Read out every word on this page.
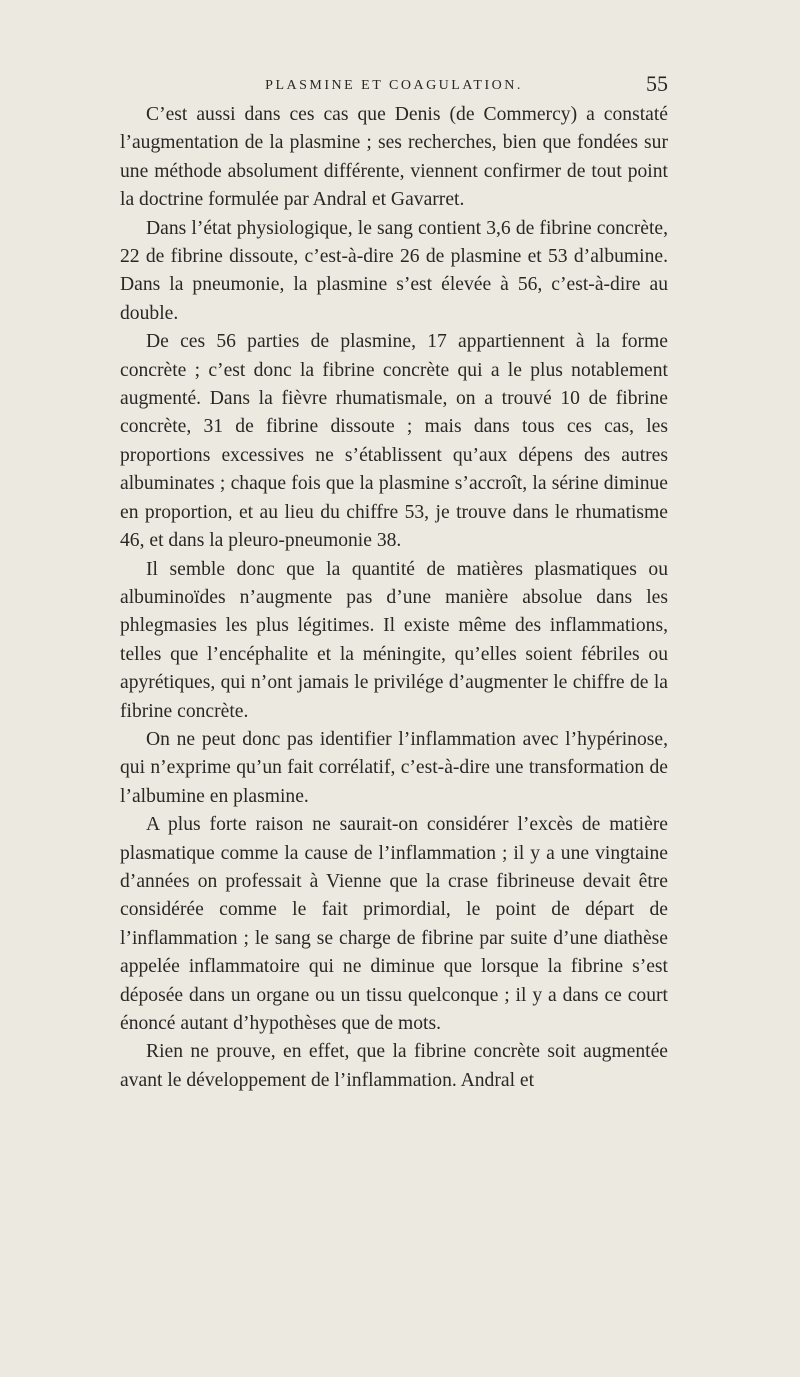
PLASMINE ET COAGULATION.	55

C’est aussi dans ces cas que Denis (de Commercy) a constaté l’augmentation de la plasmine ; ses recherches, bien que fondées sur une méthode absolument différente, viennent confirmer de tout point la doctrine formulée par Andral et Gavarret.

Dans l’état physiologique, le sang contient 3,6 de fibrine concrète, 22 de fibrine dissoute, c’est-à-dire 26 de plasmine et 53 d’albumine. Dans la pneumonie, la plasmine s’est élevée à 56, c’est-à-dire au double.

De ces 56 parties de plasmine, 17 appartiennent à la forme concrète ; c’est donc la fibrine concrète qui a le plus notablement augmenté. Dans la fièvre rhumatismale, on a trouvé 10 de fibrine concrète, 31 de fibrine dissoute ; mais dans tous ces cas, les proportions excessives ne s’établissent qu’aux dépens des autres albuminates ; chaque fois que la plasmine s’accroît, la sérine diminue en proportion, et au lieu du chiffre 53, je trouve dans le rhumatisme 46, et dans la pleuro-pneumonie 38.

Il semble donc que la quantité de matières plasmatiques ou albuminoïdes n’augmente pas d’une manière absolue dans les phlegmasies les plus légitimes. Il existe même des inflammations, telles que l’encéphalite et la méningite, qu’elles soient fébriles ou apyrétiques, qui n’ont jamais le privilége d’augmenter le chiffre de la fibrine concrète.

On ne peut donc pas identifier l’inflammation avec l’hypérinose, qui n’exprime qu’un fait corrélatif, c’est-à-dire une transformation de l’albumine en plasmine.

A plus forte raison ne saurait-on considérer l’excès de matière plasmatique comme la cause de l’inflammation ; il y a une vingtaine d’années on professait à Vienne que la crase fibrineuse devait être considérée comme le fait primordial, le point de départ de l’inflammation ; le sang se charge de fibrine par suite d’une diathèse appelée inflammatoire qui ne diminue que lorsque la fibrine s’est déposée dans un organe ou un tissu quelconque ; il y a dans ce court énoncé autant d’hypothèses que de mots.

Rien ne prouve, en effet, que la fibrine concrète soit augmentée avant le développement de l’inflammation. Andral et
